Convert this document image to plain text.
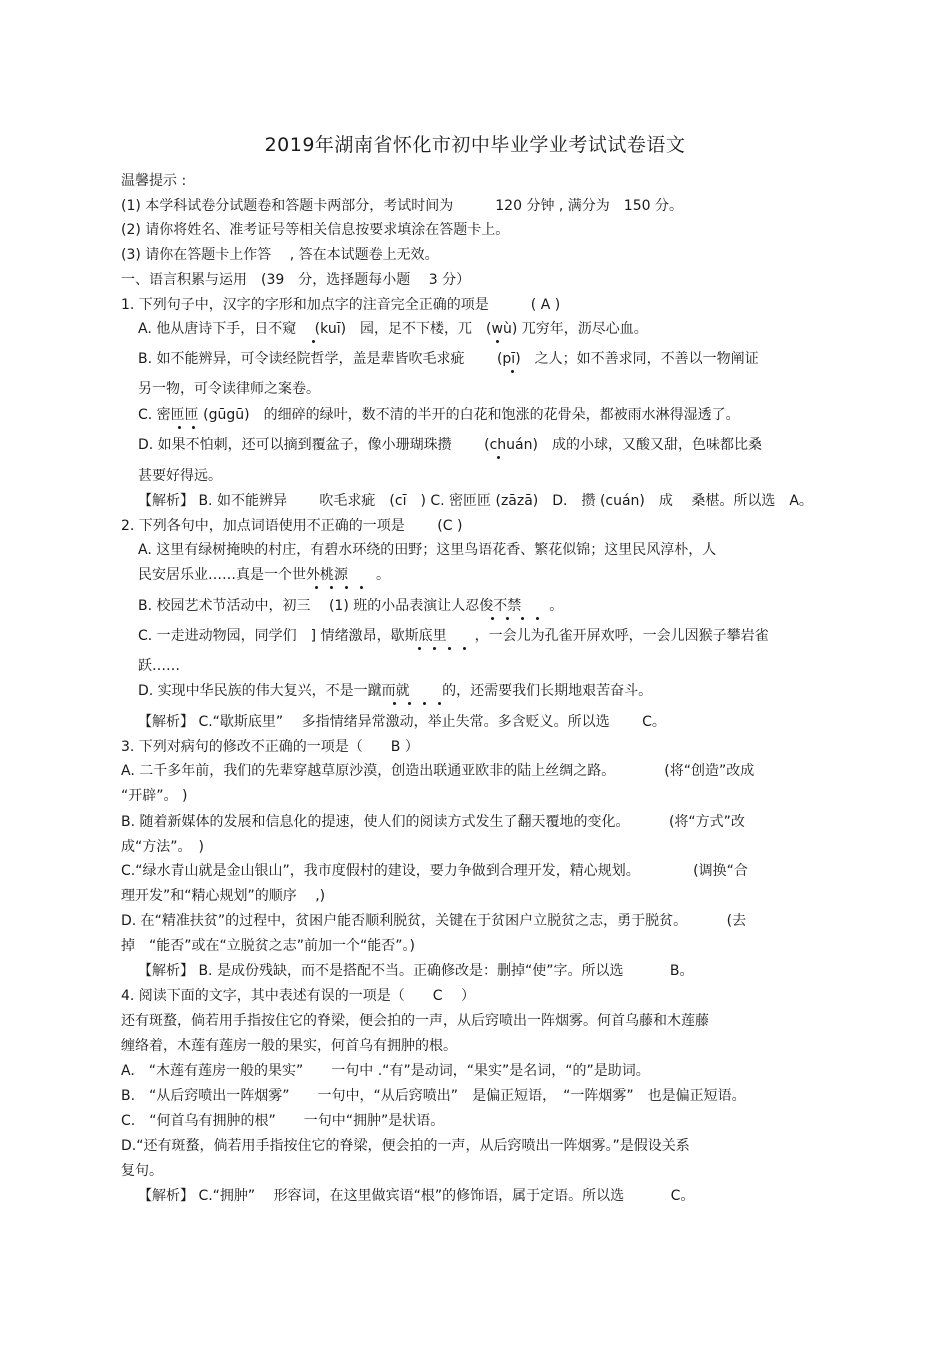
2019年湖南省怀化市初中毕业学业考试试卷语文
温馨提示 :
(1) 本学科试卷分试题卷和答题卡两部分，考试时间为　　　120 分钟 , 满分为　150 分。
(2) 请你将姓名、准考证号等相关信息按要求填涂在答题卡上。
(3) 请你在答题卡上作答　 , 答在本试题卷上无效。
一、语言积累与运用　(39　分，选择题每小题　 3 分）
1. 下列句子中，汉字的字形和加点字的注音完全正确的项是　　　( A )
A. 他从唐诗下手，日不窥　 (kuī)　园，足不下楼，兀　(wù) 兀穷年，沥尽心血。
B. 如不能辨异，可令读经院哲学，盖是辈皆吹毛求疵　　 (pī)　之人；如不善求同，不善以一物阐证
另一物，可令读律师之案卷。
C. 密匝匝 (gūgū)　的细碎的绿叶，数不清的半开的白花和饱涨的花骨朵，都被雨水淋得湿透了。
D. 如果不怕刺，还可以摘到覆盆子，像小珊瑚珠攒　　 (chuán)　成的小球，又酸又甜，色味都比桑
甚要好得远。
【解析】 B. 如不能辨异　　 吹毛求疵　(cī　) C. 密匝匝 (zāzā)　D.　攒 (cuán)　成　 桑椹。所以选　A。
2. 下列各句中，加点词语使用不正确的一项是　　 (C )
A. 这里有绿树掩映的村庄，有碧水环绕的田野；这里鸟语花香、繁花似锦；这里民风淳朴，人
民安居乐业……真是一个世外桃源　　。
B. 校园艺术节活动中，初三　 (1) 班的小品表演让人忍俊不禁　　。
C. 一走进动物园，同学们　] 情绪激昂，歇斯底里　　，一会儿为孔雀开屏欢呼，一会儿因猴子攀岩雀
跃……
D. 实现中华民族的伟大复兴，不是一蹴而就　　 的，还需要我们长期地艰苦奋斗。
【解析】 C.“歇斯底里”　 多指情绪异常激动，举止失常。多含贬义。所以选　　 C。
3. 下列对病句的修改不正确的一项是（　　B ）
A. 二千多年前，我们的先辈穿越草原沙漠，创造出联通亚欧非的陆上丝绸之路。　　　　(将“创造”改成
“开辟”。 )
B. 随着新媒体的发展和信息化的提速，使人们的阅读方式发生了翻天覆地的变化。　　　 (将“方式”改
成“方法”。　)
C.“绿水青山就是金山银山”，我市度假村的建设，要力争做到合理开发，精心规划。　　　　 (调换“合
理开发”和“精心规划”的顺序　 ,)
D. 在“精准扶贫”的过程中，贫困户能否顺利脱贫，关键在于贫困户立脱贫之志，勇于脱贫。　　　 (去
掉　“能否”或在“立脱贫之志”前加一个“能否”。)
【解析】 B. 是成份残缺，而不是搭配不当。正确修改是：删掉“使”字。所以选　　　 B。
4. 阅读下面的文字，其中表述有误的一项是（　　C　 ）
还有斑蝥，倘若用手指按住它的脊梁，便会拍的一声，从后窍喷出一阵烟雾。何首乌藤和木莲藤
缠络着，木莲有莲房一般的果实，何首乌有拥肿的根。
A.　“木莲有莲房一般的果实”　　一句中 .“有”是动词，“果实”是名词，“的”是助词。
B.　“从后窍喷出一阵烟雾”　　一句中，“从后窍喷出”　是偏正短语，　“一阵烟雾”　也是偏正短语。
C.　“何首乌有拥肿的根”　　一句中“拥肿”是状语。
D.“还有斑蝥，倘若用手指按住它的脊梁，便会拍的一声，从后窍喷出一阵烟雾。”是假设关系
复句。
【解析】 C.“拥肿”　 形容词，在这里做宾语“根”的修饰语，属于定语。所以选　　　 C。
